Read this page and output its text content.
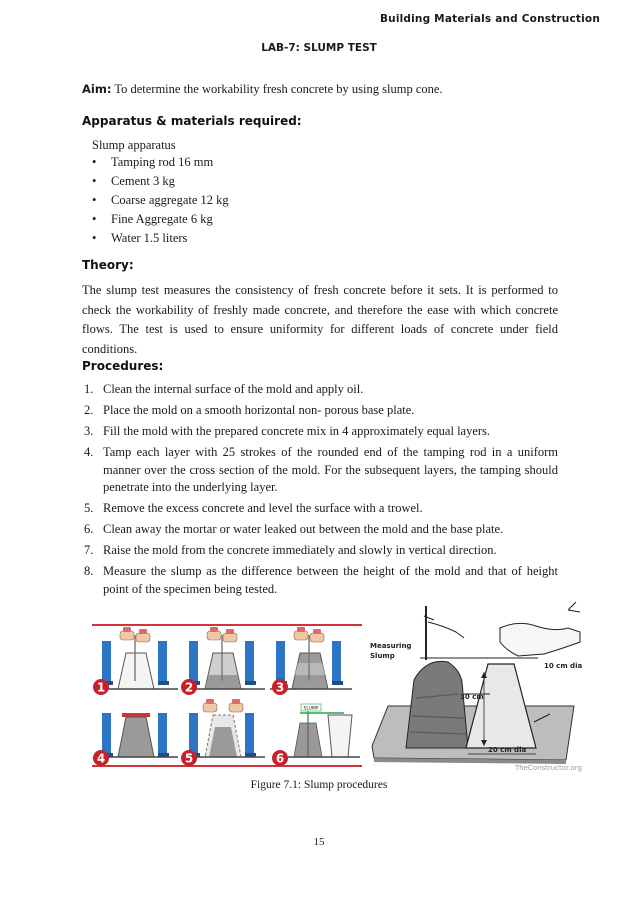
Building Materials and Construction
LAB-7: SLUMP TEST
Aim: To determine the workability fresh concrete by using slump cone.
Apparatus & materials required:
Slump apparatus
• Tamping rod 16 mm
• Cement 3 kg
• Coarse aggregate 12 kg
• Fine Aggregate 6 kg
• Water 1.5 liters
Theory:
The slump test measures the consistency of fresh concrete before it sets. It is performed to check the workability of freshly made concrete, and therefore the ease with which concrete flows. The test is used to ensure uniformity for different loads of concrete under field conditions.
Procedures:
1. Clean the internal surface of the mold and apply oil.
2. Place the mold on a smooth horizontal non- porous base plate.
3. Fill the mold with the prepared concrete mix in 4 approximately equal layers.
4. Tamp each layer with 25 strokes of the rounded end of the tamping rod in a uniform manner over the cross section of the mold. For the subsequent layers, the tamping should penetrate into the underlying layer.
5. Remove the excess concrete and level the surface with a trowel.
6. Clean away the mortar or water leaked out between the mold and the base plate.
7. Raise the mold from the concrete immediately and slowly in vertical direction.
8. Measure the slump as the difference between the height of the mold and that of height point of the specimen being tested.
SLUMP
1	2	3
4	5	6
Measuring
Slump
10 cm dia
30 cm
20 cm dia
TheConstructor.org
Figure 7.1: Slump procedures
15
